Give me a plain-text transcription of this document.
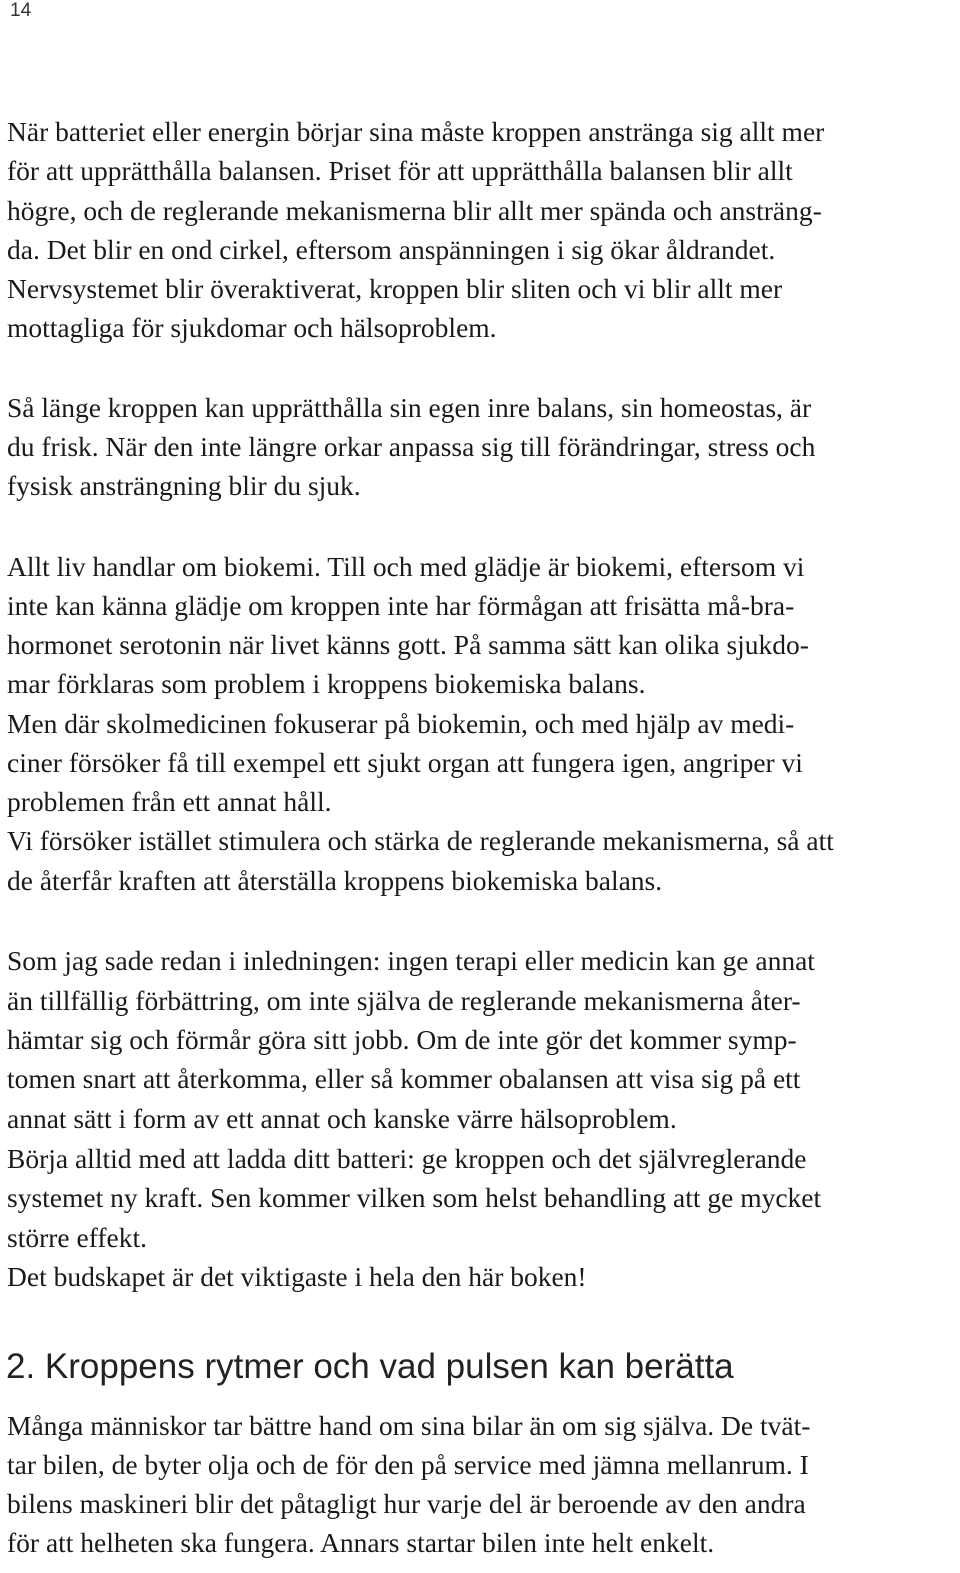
14
När batteriet eller energin börjar sina måste kroppen anstränga sig allt mer
för att upprätthålla balansen. Priset för att upprätthålla balansen blir allt
högre, och de reglerande mekanismerna blir allt mer spända och ansträng-
da. Det blir en ond cirkel, eftersom anspänningen i sig ökar åldrandet.
Nervsystemet blir överaktiverat, kroppen blir sliten och vi blir allt mer
mottagliga för sjukdomar och hälsoproblem.
Så länge kroppen kan upprätthålla sin egen inre balans, sin homeostas, är
du frisk. När den inte längre orkar anpassa sig till förändringar, stress och
fysisk ansträngning blir du sjuk.
Allt liv handlar om biokemi. Till och med glädje är biokemi, eftersom vi
inte kan känna glädje om kroppen inte har förmågan att frisätta må-bra-
hormonet serotonin när livet känns gott. På samma sätt kan olika sjukdo-
mar förklaras som problem i kroppens biokemiska balans.
Men där skolmedicinen fokuserar på biokemin, och med hjälp av medi-
ciner försöker få till exempel ett sjukt organ att fungera igen, angriper vi
problemen från ett annat håll.
Vi försöker istället stimulera och stärka de reglerande mekanismerna, så att
de återfår kraften att återställa kroppens biokemiska balans.
Som jag sade redan i inledningen: ingen terapi eller medicin kan ge annat
än tillfällig förbättring, om inte själva de reglerande mekanismerna åter-
hämtar sig och förmår göra sitt jobb. Om de inte gör det kommer symp-
tomen snart att återkomma, eller så kommer obalansen att visa sig på ett
annat sätt i form av ett annat och kanske värre hälsoproblem.
Börja alltid med att ladda ditt batteri: ge kroppen och det självreglerande
systemet ny kraft. Sen kommer vilken som helst behandling att ge mycket
större effekt.
Det budskapet är det viktigaste i hela den här boken!
2. Kroppens rytmer och vad pulsen kan berätta
Många människor tar bättre hand om sina bilar än om sig själva. De tvät-
tar bilen, de byter olja och de för den på service med jämna mellanrum. I
bilens maskineri blir det påtagligt hur varje del är beroende av den andra
för att helheten ska fungera. Annars startar bilen inte helt enkelt.
